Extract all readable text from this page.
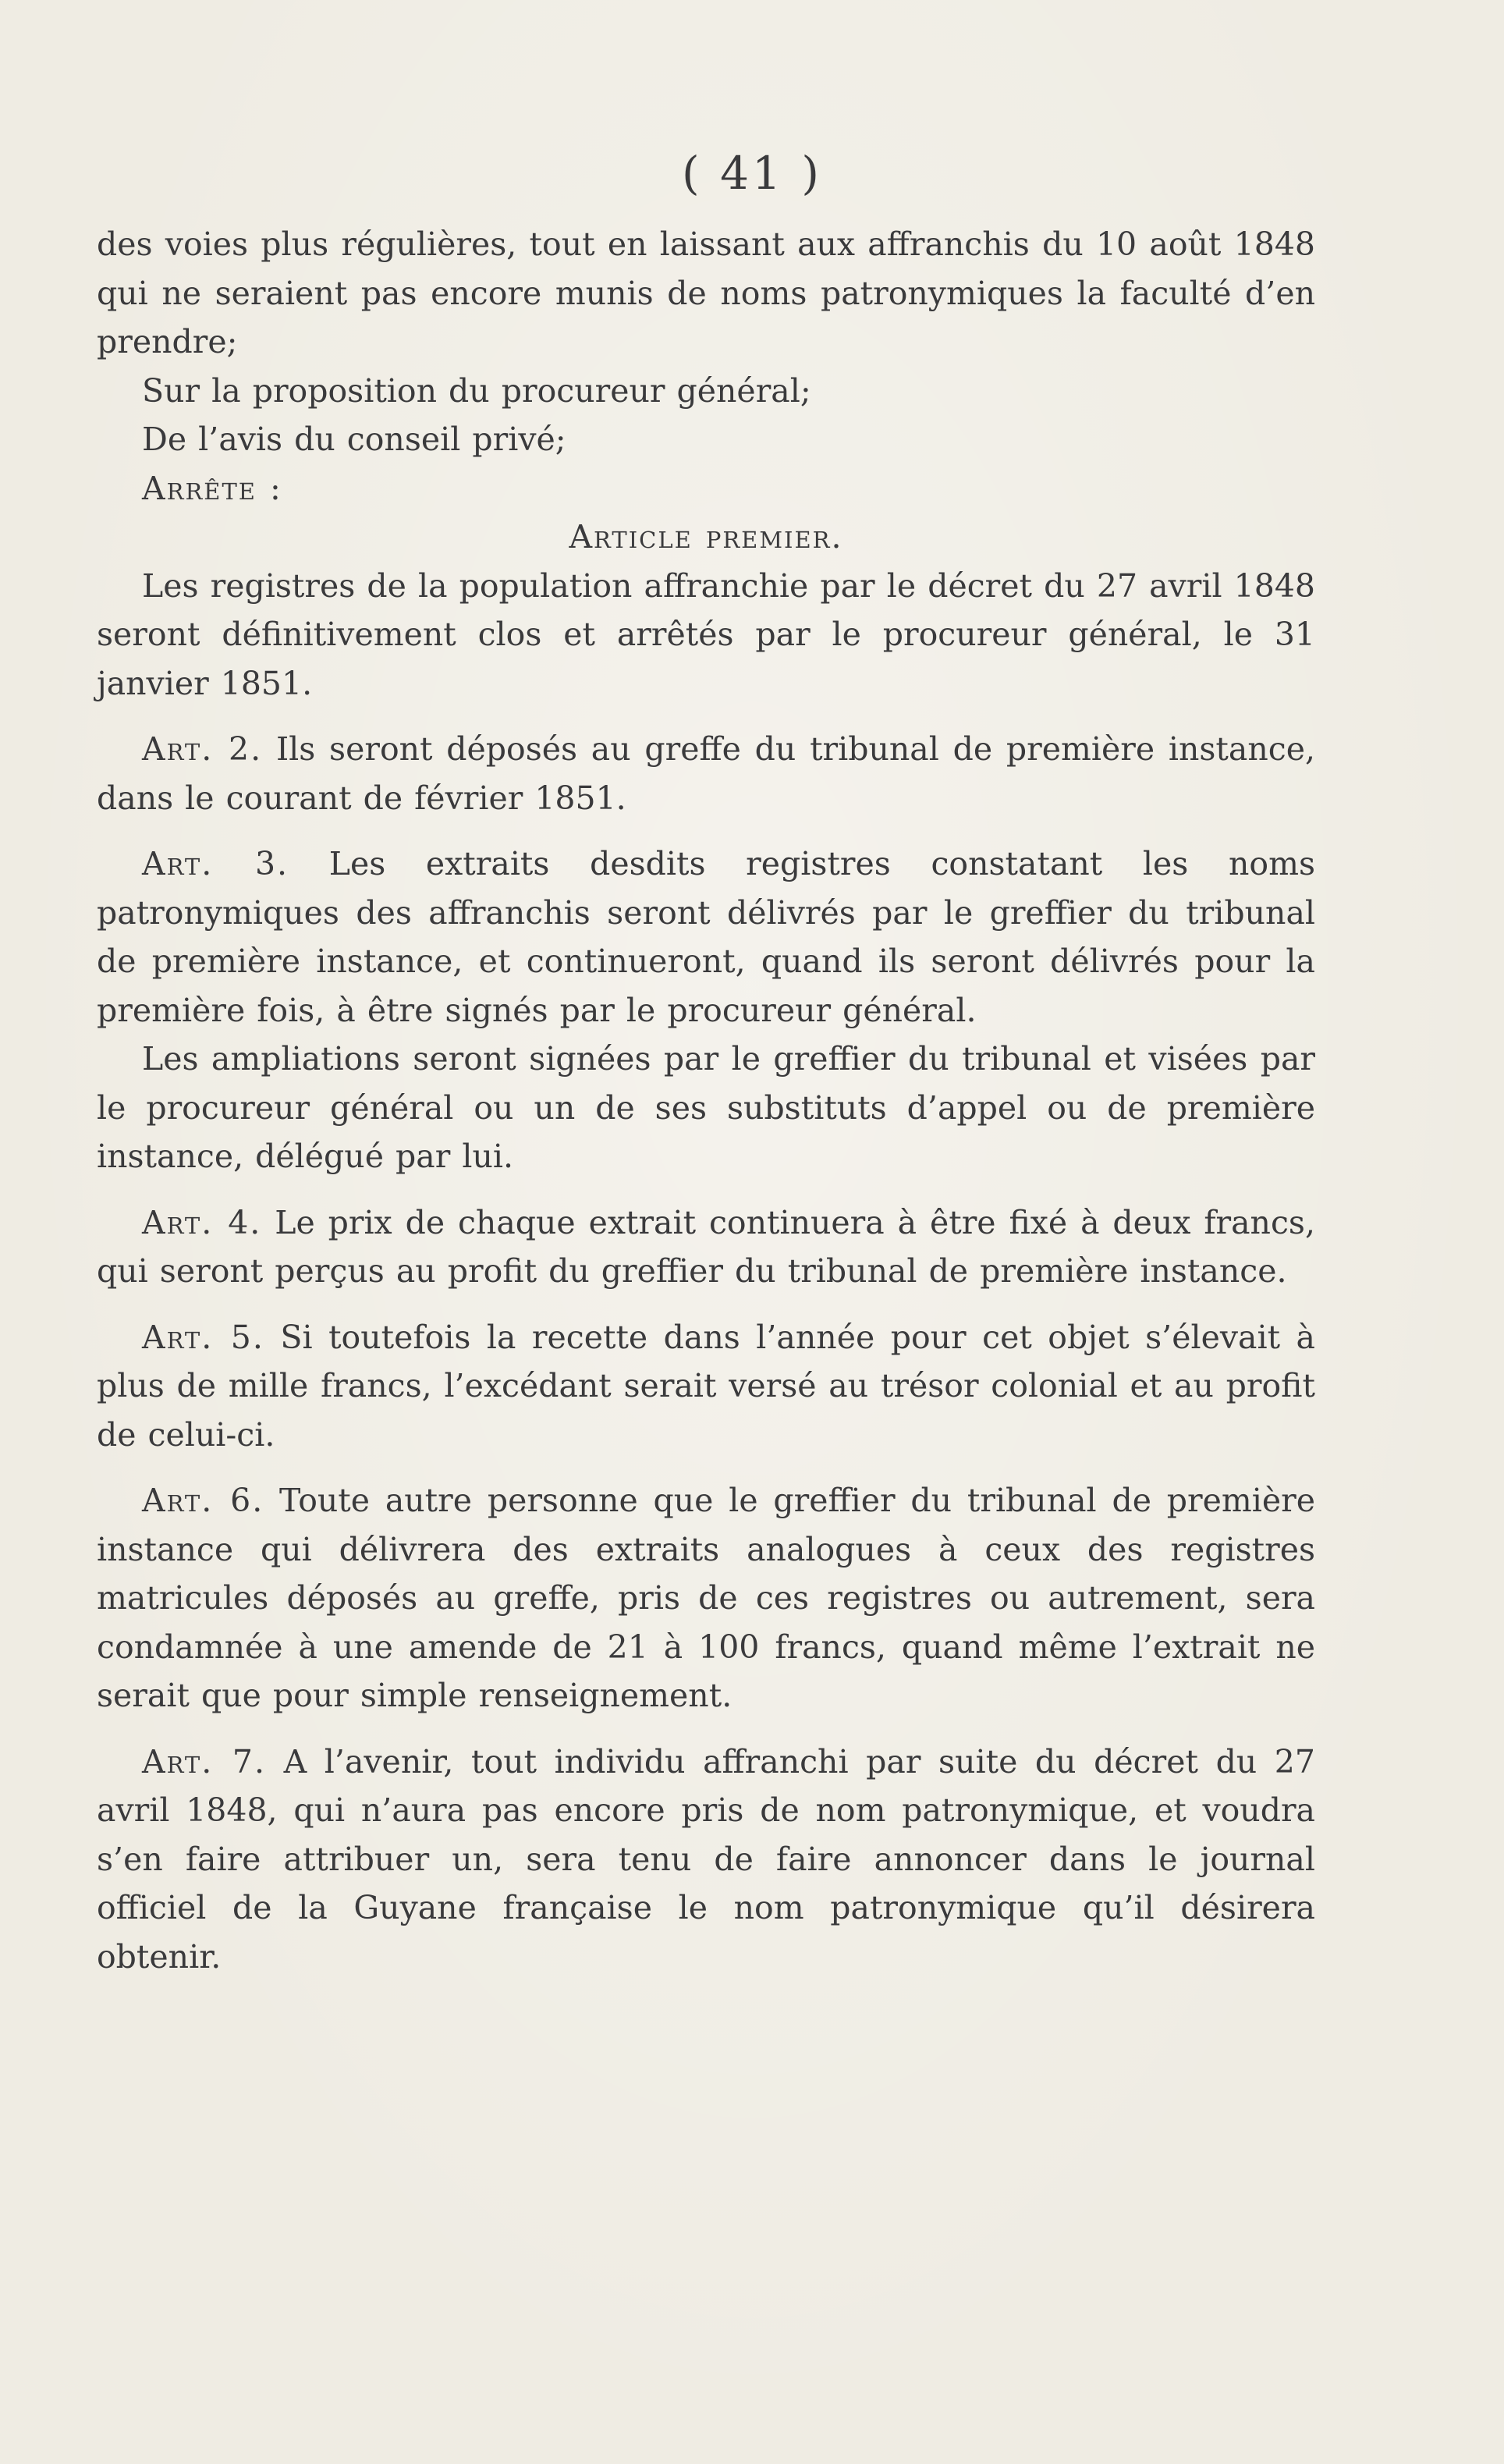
( 41 )

des voies plus régulières, tout en laissant aux affranchis du 10 août 1848 qui ne seraient pas encore munis de noms patronymiques la faculté d’en prendre;

Sur la proposition du procureur général;

De l’avis du conseil privé;

Arrête :

Article premier.

Les registres de la population affranchie par le décret du 27 avril 1848 seront définitivement clos et arrêtés par le procureur général, le 31 janvier 1851.

Art. 2. Ils seront déposés au greffe du tribunal de première instance, dans le courant de février 1851.

Art. 3. Les extraits desdits registres constatant les noms patronymiques des affranchis seront délivrés par le greffier du tribunal de première instance, et continueront, quand ils seront délivrés pour la première fois, à être signés par le procureur général.

Les ampliations seront signées par le greffier du tribunal et visées par le procureur général ou un de ses substituts d’appel ou de première instance, délégué par lui.

Art. 4. Le prix de chaque extrait continuera à être fixé à deux francs, qui seront perçus au profit du greffier du tribunal de première instance.

Art. 5. Si toutefois la recette dans l’année pour cet objet s’élevait à plus de mille francs, l’excédant serait versé au trésor colonial et au profit de celui-ci.

Art. 6. Toute autre personne que le greffier du tribunal de première instance qui délivrera des extraits analogues à ceux des registres matricules déposés au greffe, pris de ces registres ou autrement, sera condamnée à une amende de 21 à 100 francs, quand même l’extrait ne serait que pour simple renseignement.

Art. 7. A l’avenir, tout individu affranchi par suite du décret du 27 avril 1848, qui n’aura pas encore pris de nom patronymique, et voudra s’en faire attribuer un, sera tenu de faire annoncer dans le journal officiel de la Guyane française le nom patronymique qu’il désirera obtenir.
